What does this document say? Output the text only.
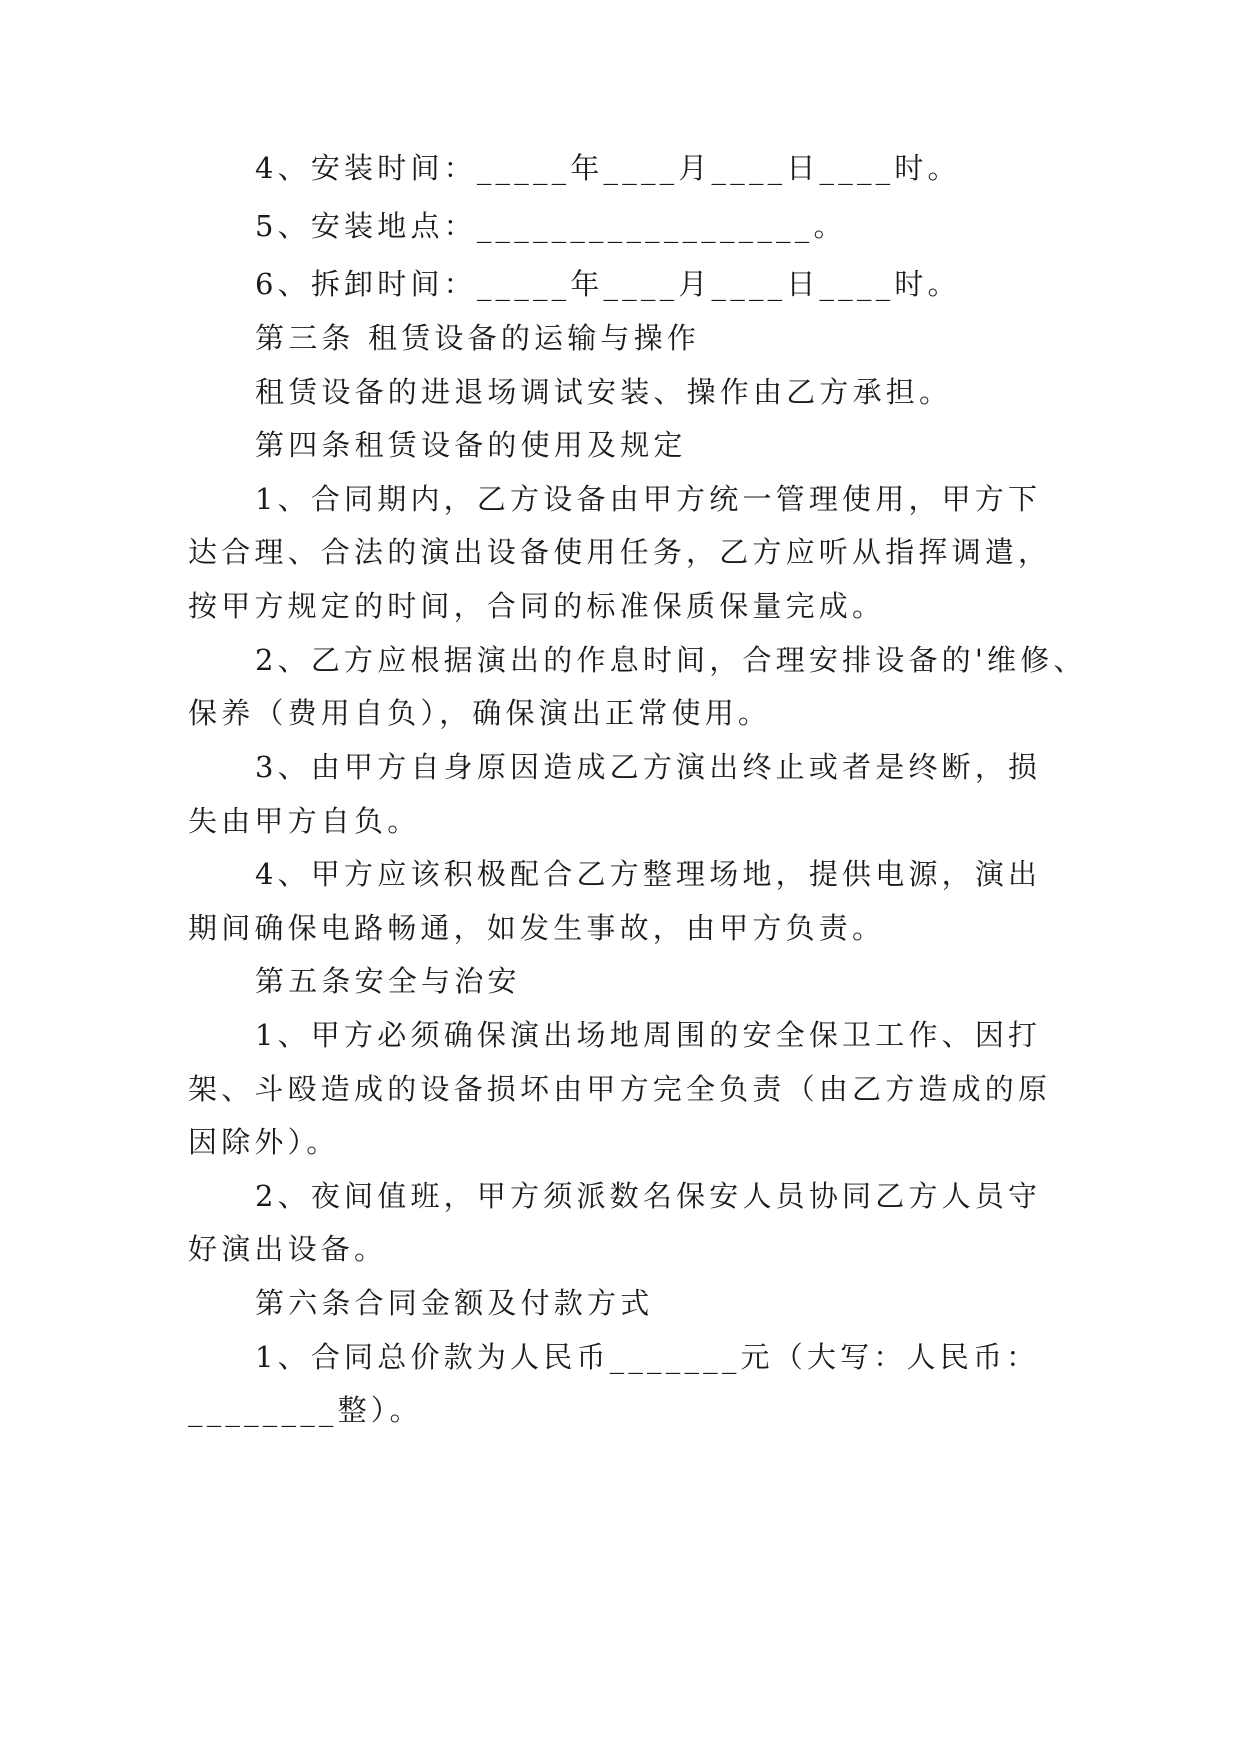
4、安装时间：_____年____月____日____时。
5、安装地点：__________________。
6、拆卸时间：_____年____月____日____时。
第三条 租赁设备的运输与操作
租赁设备的进退场调试安装、操作由乙方承担。
第四条租赁设备的使用及规定
1、合同期内，乙方设备由甲方统一管理使用，甲方下
达合理、合法的演出设备使用任务，乙方应听从指挥调遣，
按甲方规定的时间，合同的标准保质保量完成。
2、乙方应根据演出的作息时间，合理安排设备的'维修、
保养（费用自负），确保演出正常使用。
3、由甲方自身原因造成乙方演出终止或者是终断，损
失由甲方自负。
4、甲方应该积极配合乙方整理场地，提供电源，演出
期间确保电路畅通，如发生事故，由甲方负责。
第五条安全与治安
1、甲方必须确保演出场地周围的安全保卫工作、因打
架、斗殴造成的设备损坏由甲方完全负责（由乙方造成的原
因除外）。
2、夜间值班，甲方须派数名保安人员协同乙方人员守
好演出设备。
第六条合同金额及付款方式
1、合同总价款为人民币_______元（大写：人民币：
________整）。
